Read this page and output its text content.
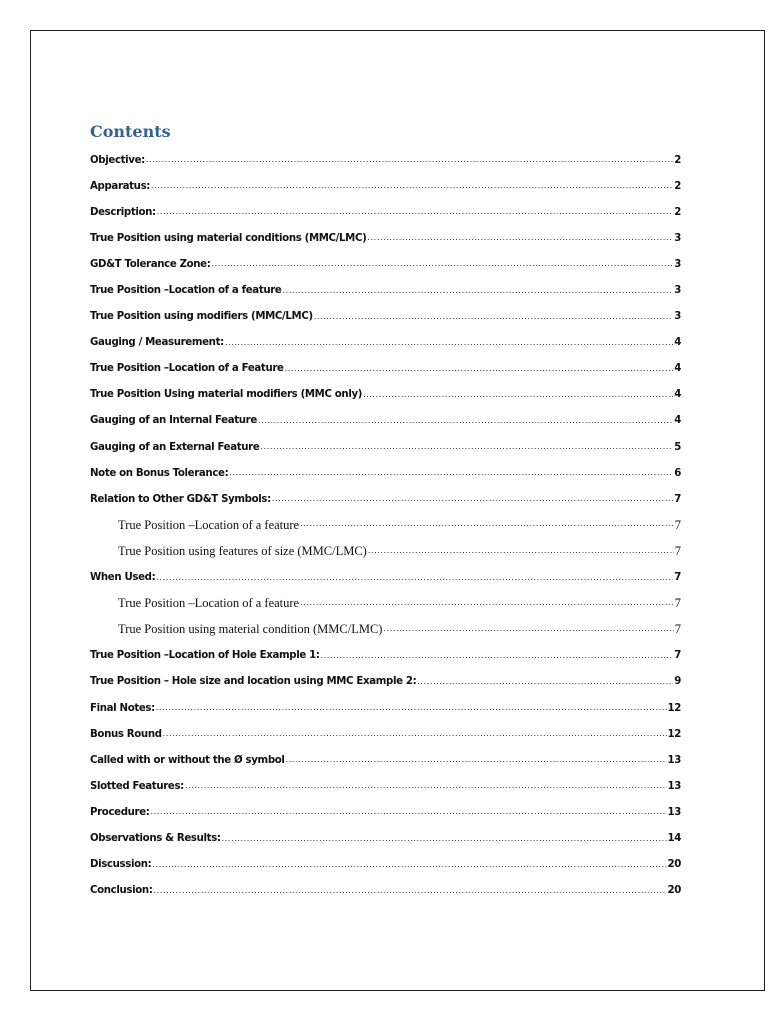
Contents
Objective: .....	2
Apparatus: .....	2
Description: .....	2
True Position using material conditions (MMC/LMC) .....	3
GD&T Tolerance Zone: .....	3
True Position –Location of a feature .....	3
True Position using modifiers (MMC/LMC) .....	3
Gauging / Measurement: .....	4
True Position –Location of a Feature .....	4
True Position Using material modifiers (MMC only) .....	4
Gauging of an Internal Feature .....	4
Gauging of an External Feature .....	5
Note on Bonus Tolerance: .....	6
Relation to Other GD&T Symbols: .....	7
True Position –Location of a feature .....	7
True Position using features of size (MMC/LMC) .....	7
When Used: .....	7
True Position –Location of a feature .....	7
True Position using material condition (MMC/LMC) .....	7
True Position –Location of Hole Example 1: .....	7
True Position – Hole size and location using MMC Example 2: .....	9
Final Notes: .....	12
Bonus Round .....	12
Called with or without the Ø symbol .....	13
Slotted Features: .....	13
Procedure: .....	13
Observations & Results: .....	14
Discussion: .....	20
Conclusion: .....	20
